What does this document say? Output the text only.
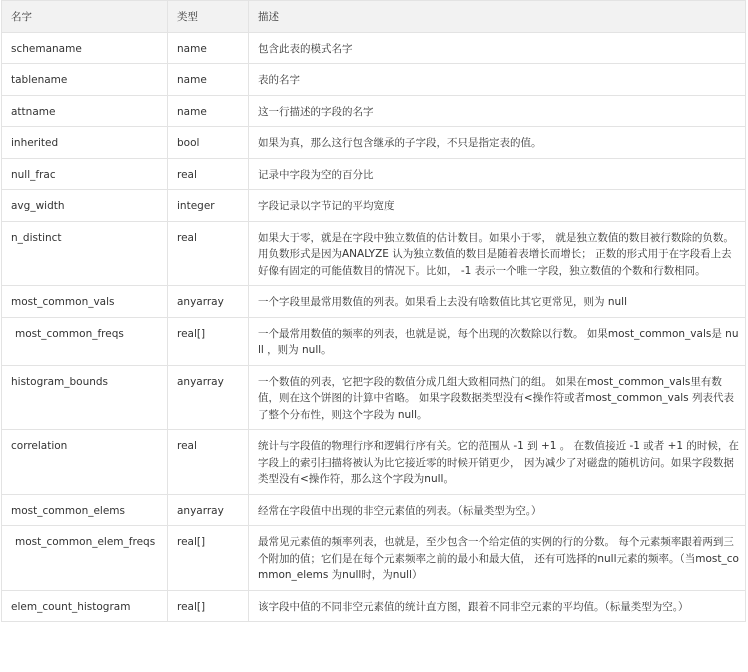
名字	类型	描述
schemaname	name	包含此表的模式名字
tablename	name	表的名字
attname	name	这一行描述的字段的名字
inherited	bool	如果为真，那么这行包含继承的子字段，不只是指定表的值。
null_frac	real	记录中字段为空的百分比
avg_width	integer	字段记录以字节记的平均宽度
n_distinct	real	如果大于零，就是在字段中独立数值的估计数目。如果小于零， 就是独立数值的数目被行数除的负数。用负数形式是因为ANALYZE 认为独立数值的数目是随着表增长而增长； 正数的形式用于在字段看上去好像有固定的可能值数目的情况下。比如， -1 表示一个唯一字段，独立数值的个数和行数相同。
most_common_vals	anyarray	一个字段里最常用数值的列表。如果看上去没有啥数值比其它更常见，则为 null
most_common_freqs	real[]	一个最常用数值的频率的列表，也就是说，每个出现的次数除以行数。 如果most_common_vals是 null ，则为 null。
histogram_bounds	anyarray	一个数值的列表，它把字段的数值分成几组大致相同热门的组。 如果在most_common_vals里有数值，则在这个饼图的计算中省略。 如果字段数据类型没有<操作符或者most_common_vals 列表代表了整个分布性，则这个字段为 null。
correlation	real	统计与字段值的物理行序和逻辑行序有关。它的范围从 -1 到 +1 。 在数值接近 -1 或者 +1 的时候，在字段上的索引扫描将被认为比它接近零的时候开销更少， 因为减少了对磁盘的随机访问。如果字段数据类型没有<操作符，那么这个字段为null。
most_common_elems	anyarray	经常在字段值中出现的非空元素值的列表。（标量类型为空。）
most_common_elem_freqs	real[]	最常见元素值的频率列表，也就是，至少包含一个给定值的实例的行的分数。 每个元素频率跟着两到三个附加的值；它们是在每个元素频率之前的最小和最大值， 还有可选择的null元素的频率。（当most_common_elems 为null时，为null）
elem_count_histogram	real[]	该字段中值的不同非空元素值的统计直方图，跟着不同非空元素的平均值。（标量类型为空。）
